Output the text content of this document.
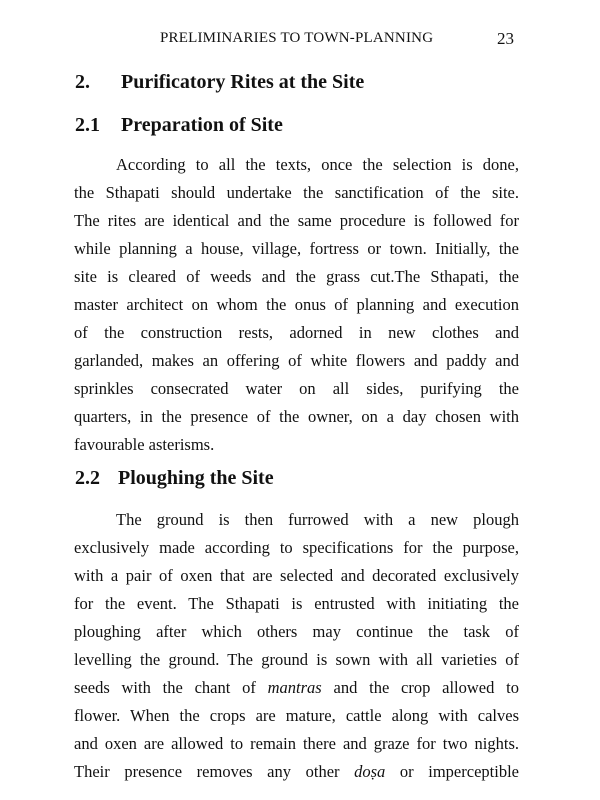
PRELIMINARIES TO TOWN-PLANNING	23
2. Purificatory Rites at the Site
2.1 Preparation of Site
According to all the texts, once the selection is done,
the Sthapati should undertake the sanctification of the site.
The rites are identical and the same procedure is followed for
while planning a house, village, fortress or town. Initially, the
site is cleared of weeds and the grass cut.The Sthapati, the
master architect on whom the onus of planning and execution
of the construction rests, adorned in new clothes and
garlanded, makes an offering of white flowers and paddy and
sprinkles consecrated water on all sides, purifying the
quarters, in the presence of the owner, on a day chosen with
favourable asterisms.
2.2 Ploughing the Site
The ground is then furrowed with a new plough
exclusively made according to specifications for the purpose,
with a pair of oxen that are selected and decorated exclusively
for the event. The Sthapati is entrusted with initiating the
ploughing after which others may continue the task of
levelling the ground. The ground is sown with all varieties of
seeds with the chant of mantras and the crop allowed to
flower. When the crops are mature, cattle along with calves
and oxen are allowed to remain there and graze for two nights.
Their presence removes any other doṣa or imperceptible
